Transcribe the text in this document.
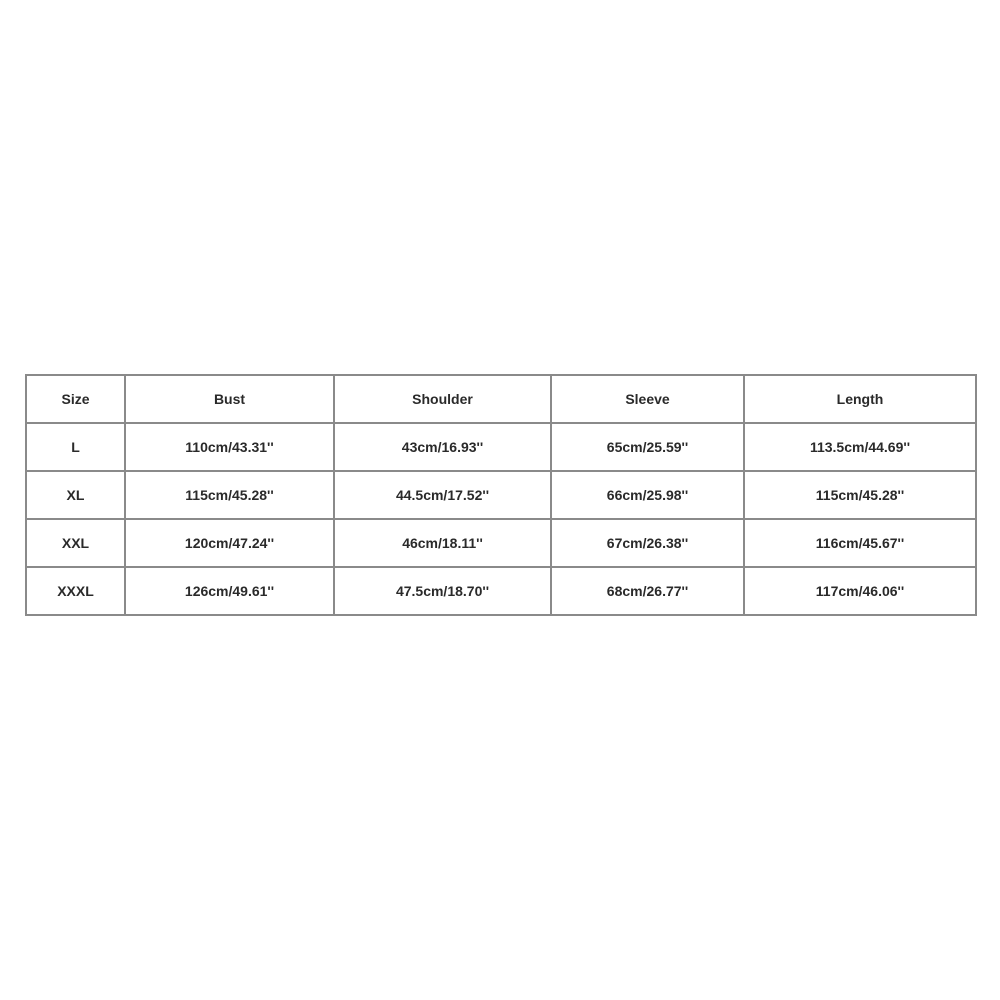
Size	Bust	Shoulder	Sleeve	Length
L	110cm/43.31''	43cm/16.93''	65cm/25.59''	113.5cm/44.69''
XL	115cm/45.28''	44.5cm/17.52''	66cm/25.98''	115cm/45.28''
XXL	120cm/47.24''	46cm/18.11''	67cm/26.38''	116cm/45.67''
XXXL	126cm/49.61''	47.5cm/18.70''	68cm/26.77''	117cm/46.06''
